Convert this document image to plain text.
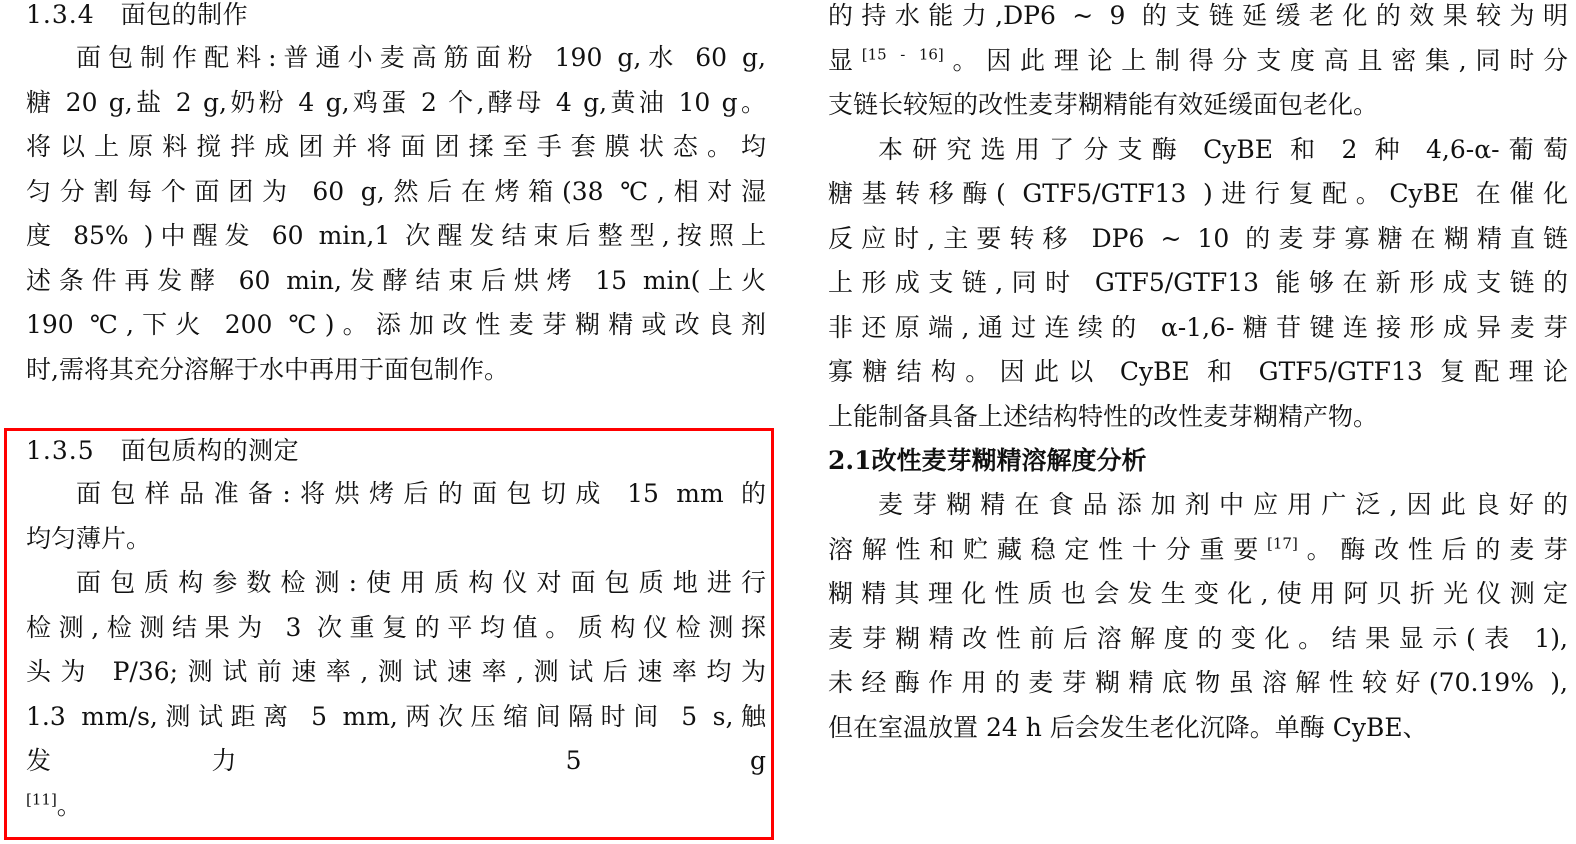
1.3.4 面包的制作

面包制作配料:普通小麦高筋面粉 190 g,水 60 g,
糖 20 g,盐 2 g,奶粉 4 g,鸡蛋 2 个,酵母 4 g,黄油 10 g。
将以上原料搅拌成团并将面团揉至手套膜状态。均
匀分割每个面团为 60 g,然后在烤箱(38 ℃,相对湿
度 85% )中醒发 60 min,1 次醒发结束后整型,按照上
述条件再发酵 60 min,发酵结束后烘烤 15 min(上火
190 ℃,下火 200 ℃)。添加改性麦芽糊精或改良剂
时,需将其充分溶解于水中再用于面包制作。

1.3.5 面包质构的测定

面包样品准备:将烘烤后的面包切成 15 mm 的
均匀薄片。

面包质构参数检测:使用质构仪对面包质地进行
检测,检测结果为 3 次重复的平均值。质构仪检测探
头为 P/36;测试前速率,测试速率,测试后速率均为
1.3 mm/s,测试距离 5 mm,两次压缩间隔时间 5 s,触
发力 5 g
[11]。

的持水能力,DP6 ~ 9 的支链延缓老化的效果较为明
显[15 - 16]。因此理论上制得分支度高且密集,同时分
支链长较短的改性麦芽糊精能有效延缓面包老化。

本研究选用了分支酶 CyBE 和 2 种 4,6-α-葡萄
糖基转移酶( GTF5/GTF13 )进行复配。CyBE 在催化
反应时,主要转移 DP6 ~ 10 的麦芽寡糖在糊精直链
上形成支链,同时 GTF5/GTF13 能够在新形成支链的
非还原端,通过连续的 α-1,6-糖苷键连接形成异麦芽
寡糖结构。因此以 CyBE 和 GTF5/GTF13 复配理论
上能制备具备上述结构特性的改性麦芽糊精产物。

2.1改性麦芽糊精溶解度分析

麦芽糊精在食品添加剂中应用广泛,因此良好的
溶解性和贮藏稳定性十分重要[17]。酶改性后的麦芽
糊精其理化性质也会发生变化,使用阿贝折光仪测定
麦芽糊精改性前后溶解度的变化。结果显示(表 1),
未经酶作用的麦芽糊精底物虽溶解性较好(70.19% ),
但在室温放置 24 h 后会发生老化沉降。单酶 CyBE、
